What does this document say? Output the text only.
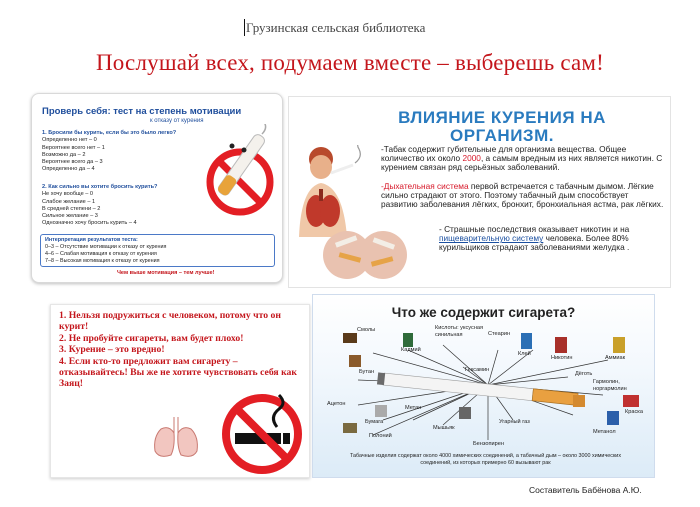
Грузинская сельская библиотека
Послушай всех, подумаем вместе – выберешь сам!
Проверь себя: тест на степень мотивации
к отказу от курения
1. Бросили бы курить, если бы это было легко?
Определенно нет – 0
Вероятнее всего нет – 1
Возможно да – 2
Вероятнее всего да – 3
Определенно да – 4
2. Как сильно вы хотите бросить курить?
Не хочу вообще – 0
Слабое желание – 1
В средней степени – 2
Сильное желание – 3
Однозначно хочу бросить курить – 4
Интерпретация результатов теста:
0–3 – Отсутствие мотивации к отказу от курения
4–6 – Слабая мотивация к отказу от курения
7–8 – Высокая мотивация к отказу от курения
Чем выше мотивация – тем лучше!
ВЛИЯНИЕ КУРЕНИЯ НА
ОРГАНИЗМ.
-Табак содержит губительные для организма вещества. Общее количество их около 2000, а самым вредным из них является никотин. С курением связан ряд серьёзных заболеваний.
-Дыхательная система первой встречается с табачным дымом. Лёгкие сильно страдают от этого. Поэтому табачный дым способствует развитию заболевания лёгких, бронхит, бронхиальная астма, рак лёгких.
- Страшные последствия оказывает никотин и на пищеварительную систему человека. Более 80% курильщиков страдают заболеваниями желудка .
1. Нельзя подружиться с человеком, потому что он курит!
2. Не пробуйте сигареты, вам будет плохо!
3. Курение – это вредно!
4. Если кто-то предложит вам сигарету – отказывайтесь! Вы же не хотите чувствовать себя как Заяц!
Что же содержит сигарета?
Смолы
Кадмий
Кислоты: уксусная синильная	Стеарин
Бутан	Гексамин
Клей
Никотин	Аммиак
Дёготь
Гармолин, норгармолин
Ацетон
Краска
Бумага
Метан
Мышьяк
Угарный газ
Метанол
Полоний
Бензопирен
Табачные изделия содержат около 4000 химических соединений, а табачный дым – около 3000 химических соединений, из которых примерно 60 вызывают рак
Составитель Бабёнова А.Ю.
